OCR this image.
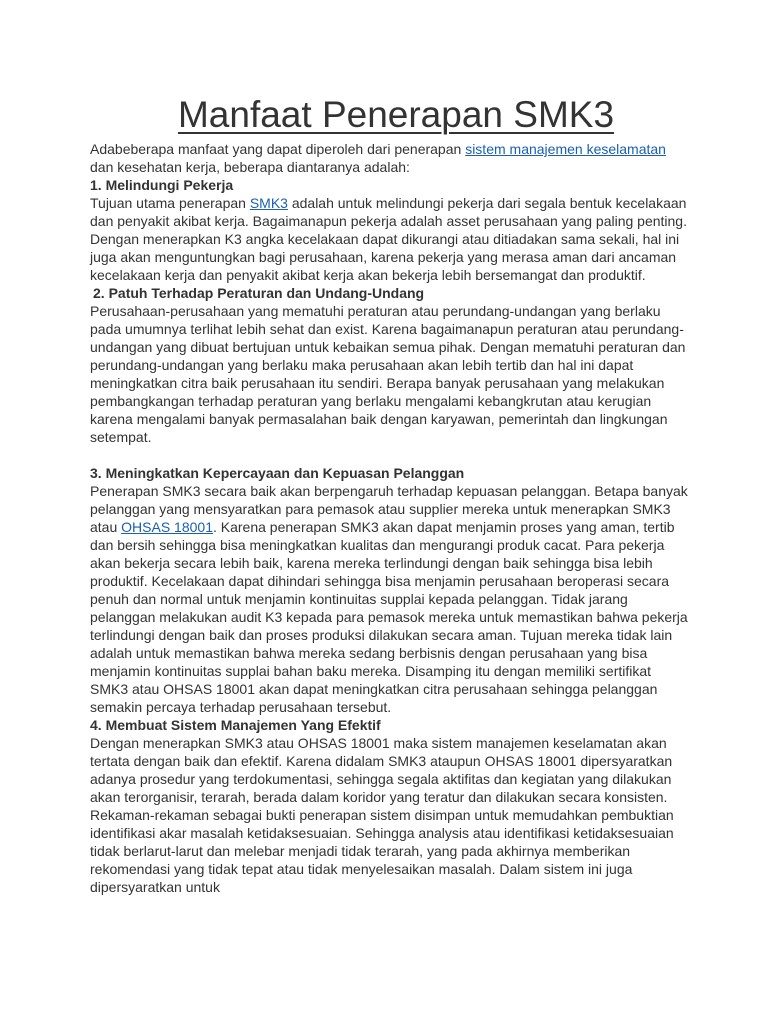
Manfaat Penerapan SMK3

Adabeberapa manfaat yang dapat diperoleh dari penerapan sistem manajemen keselamatan dan kesehatan kerja, beberapa diantaranya adalah:

1. Melindungi Pekerja

Tujuan utama penerapan SMK3 adalah untuk melindungi pekerja dari segala bentuk kecelakaan dan penyakit akibat kerja. Bagaimanapun pekerja adalah asset perusahaan yang paling penting. Dengan menerapkan K3 angka kecelakaan dapat dikurangi atau ditiadakan sama sekali, hal ini juga akan menguntungkan bagi perusahaan, karena pekerja yang merasa aman dari ancaman kecelakaan kerja dan penyakit akibat kerja akan bekerja lebih bersemangat dan produktif.

2. Patuh Terhadap Peraturan dan Undang-Undang

Perusahaan-perusahaan yang mematuhi peraturan atau perundang-undangan yang berlaku pada umumnya terlihat lebih sehat dan exist. Karena bagaimanapun peraturan atau perundang-undangan yang dibuat bertujuan untuk kebaikan semua pihak. Dengan mematuhi peraturan dan perundang-undangan yang berlaku maka perusahaan akan lebih tertib dan hal ini dapat meningkatkan citra baik perusahaan itu sendiri. Berapa banyak perusahaan yang melakukan pembangkangan terhadap peraturan yang berlaku mengalami kebangkrutan atau kerugian karena mengalami banyak permasalahan baik dengan karyawan, pemerintah dan lingkungan setempat.

3. Meningkatkan Kepercayaan dan Kepuasan Pelanggan

Penerapan SMK3 secara baik akan berpengaruh terhadap kepuasan pelanggan. Betapa banyak pelanggan yang mensyaratkan para pemasok atau supplier mereka untuk menerapkan SMK3 atau OHSAS 18001. Karena penerapan SMK3 akan dapat menjamin proses yang aman, tertib dan bersih sehingga bisa meningkatkan kualitas dan mengurangi produk cacat. Para pekerja akan bekerja secara lebih baik, karena mereka terlindungi dengan baik sehingga bisa lebih produktif. Kecelakaan dapat dihindari sehingga bisa menjamin perusahaan beroperasi secara penuh dan normal untuk menjamin kontinuitas supplai kepada pelanggan. Tidak jarang pelanggan melakukan audit K3 kepada para pemasok mereka untuk memastikan bahwa pekerja terlindungi dengan baik dan proses produksi dilakukan secara aman. Tujuan mereka tidak lain adalah untuk memastikan bahwa mereka sedang berbisnis dengan perusahaan yang bisa menjamin kontinuitas supplai bahan baku mereka. Disamping itu dengan memiliki sertifikat SMK3 atau OHSAS 18001 akan dapat meningkatkan citra perusahaan sehingga pelanggan semakin percaya terhadap perusahaan tersebut.

4. Membuat Sistem Manajemen Yang Efektif

Dengan menerapkan SMK3 atau OHSAS 18001 maka sistem manajemen keselamatan akan tertata dengan baik dan efektif. Karena didalam SMK3 ataupun OHSAS 18001 dipersyaratkan adanya prosedur yang terdokumentasi, sehingga segala aktifitas dan kegiatan yang dilakukan akan terorganisir, terarah, berada dalam koridor yang teratur dan dilakukan secara konsisten. Rekaman-rekaman sebagai bukti penerapan sistem disimpan untuk memudahkan pembuktian identifikasi akar masalah ketidaksesuaian. Sehingga analysis atau identifikasi ketidaksesuaian tidak berlarut-larut dan melebar menjadi tidak terarah, yang pada akhirnya memberikan rekomendasi yang tidak tepat atau tidak menyelesaikan masalah. Dalam sistem ini juga dipersyaratkan untuk
